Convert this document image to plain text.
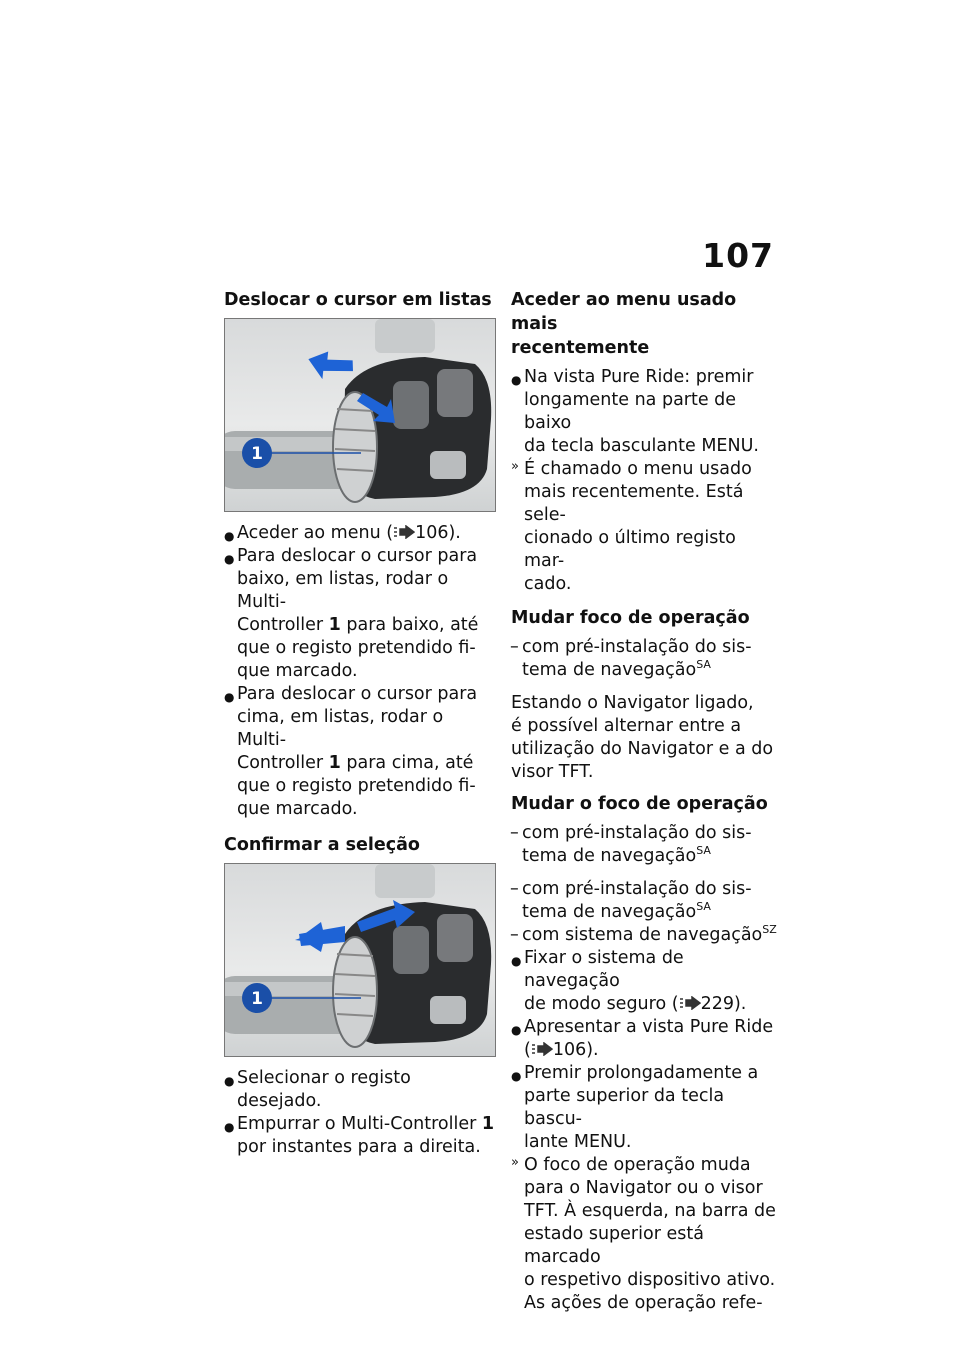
107
Deslocar o cursor em listas
1
● Aceder ao menu ( 106).
● Para deslocar o cursor para
baixo, em listas, rodar o Multi-
Controller 1 para baixo, até
que o registo pretendido fi-
que marcado.
● Para deslocar o cursor para
cima, em listas, rodar o Multi-
Controller 1 para cima, até
que o registo pretendido fi-
que marcado.
Confirmar a seleção
1
● Selecionar o registo desejado.
● Empurrar o Multi-Controller 1
por instantes para a direita.
Aceder ao menu usado mais
recentemente
● Na vista Pure Ride: premir
longamente na parte de baixo
da tecla basculante MENU.
» É chamado o menu usado
mais recentemente. Está sele-
cionado o último registo mar-
cado.
Mudar foco de operação
– com pré-instalação do sis-
tema de navegação$^{SA}$
Estando o Navigator ligado,
é possível alternar entre a
utilização do Navigator e a do
visor TFT.
Mudar o foco de operação
– com pré-instalação do sis-
tema de navegação$^{SA}$
– com pré-instalação do sis-
tema de navegação$^{SA}$
– com sistema de navegação$^{SZ}$
● Fixar o sistema de navegação
de modo seguro ( 229).
● Apresentar a vista Pure Ride
( 106).
● Premir prolongadamente a
parte superior da tecla bascu-
lante MENU.
» O foco de operação muda
para o Navigator ou o visor
TFT. À esquerda, na barra de
estado superior está marcado
o respetivo dispositivo ativo.
As ações de operação refe-
